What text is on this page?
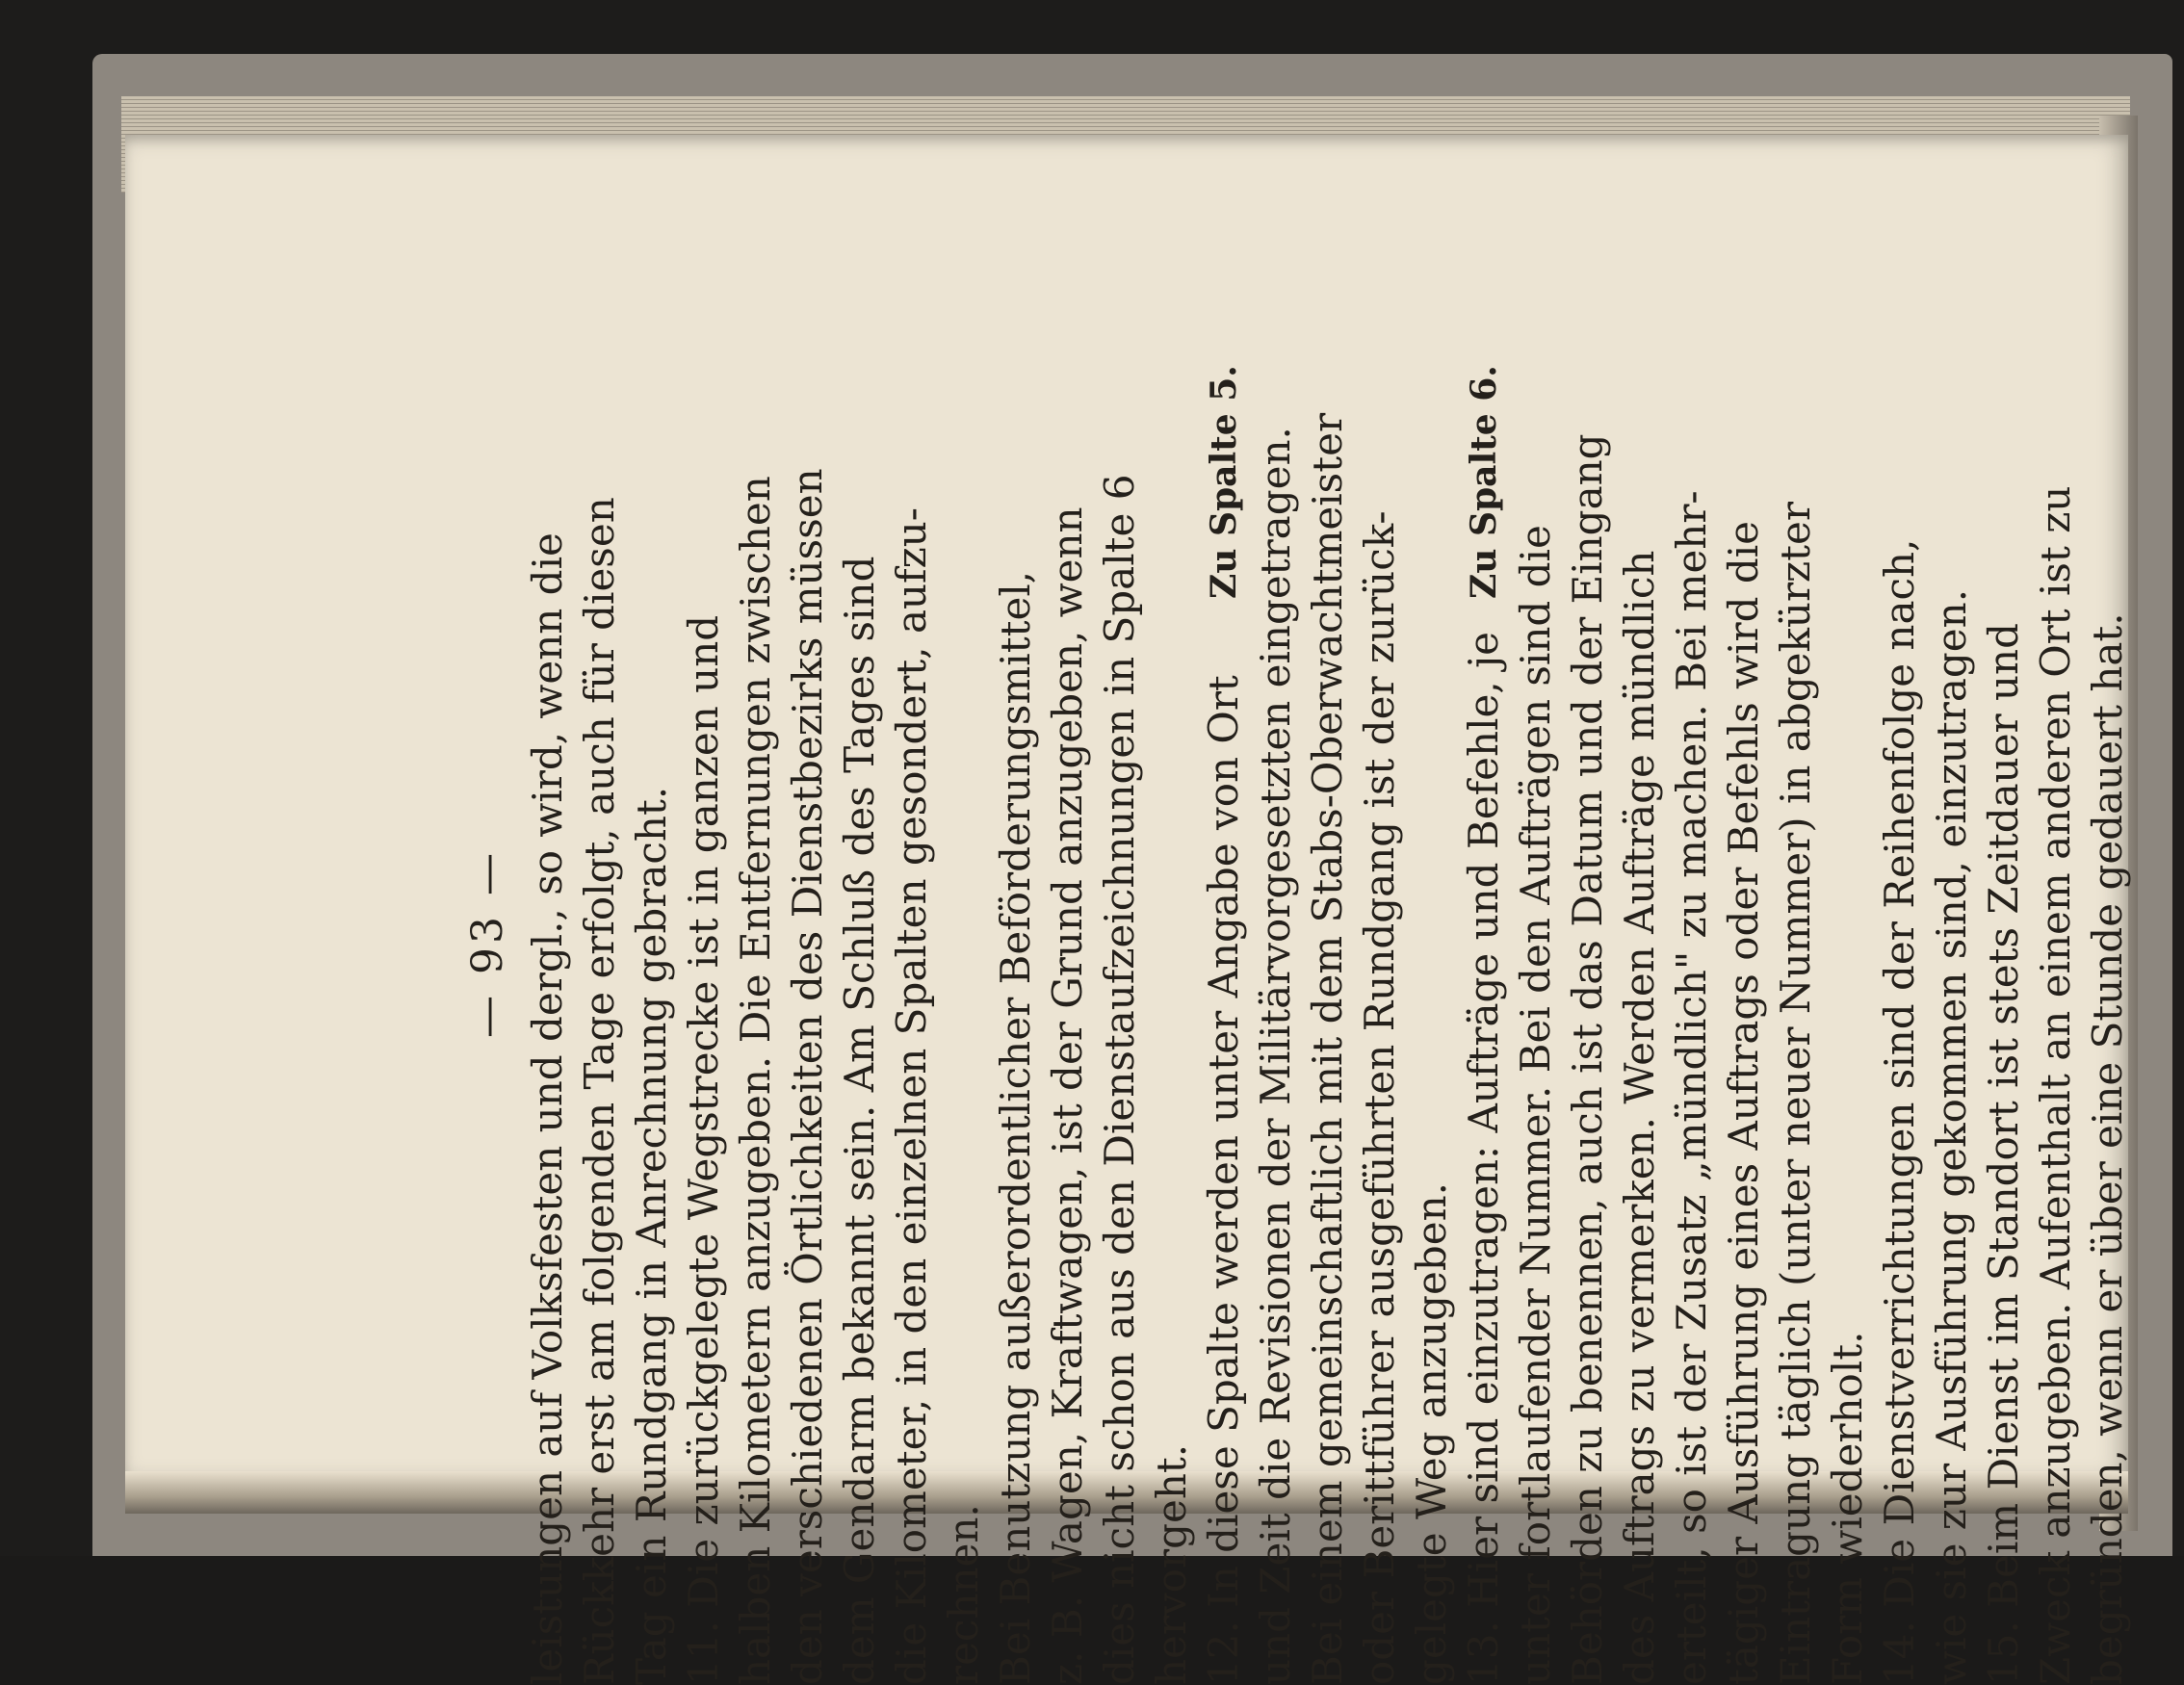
— 93 — leistungen auf Volksfesten und dergl., so wird, wenn die Rückkehr erst am folgenden Tage erfolgt, auch für diesen Tag ein Rundgang in Anrechnung gebracht. 11. Die zurückgelegte Wegstrecke ist in ganzen und halben Kilometern anzugeben. Die Entfernungen zwischen den verschiedenen Örtlichkeiten des Dienstbezirks müssen dem Gendarm bekannt sein. Am Schluß des Tages sind die Kilometer, in den einzelnen Spalten gesondert, aufzu- rechnen. Bei Benutzung außerordentlicher Beförderungsmittel, z. B. Wagen, Kraftwagen, ist der Grund anzugeben, wenn dies nicht schon aus den Dienstaufzeichnungen in Spalte 6 hervorgeht. 12. In diese Spalte werden unter Angabe von Ort und Zeit die Revisionen der Militärvorgesetzten eingetragen. Bei einem gemeinschaftlich mit dem Stabs-Oberwachtmeister oder Berittführer ausgeführten Rundgang ist der zurück- gelegte Weg anzugeben. 13. Hier sind einzutragen: Aufträge und Befehle, je unter fortlaufender Nummer. Bei den Aufträgen sind die Behörden zu benennen, auch ist das Datum und der Eingang des Auftrags zu vermerken. Werden Aufträge mündlich erteilt, so ist der Zusatz „mündlich" zu machen. Bei mehr- tägiger Ausführung eines Auftrags oder Befehls wird die Eintragung täglich (unter neuer Nummer) in abgekürzter Form wiederholt. 14. Die Dienstverrichtungen sind der Reihenfolge nach, wie sie zur Ausführung gekommen sind, einzutragen. 15. Beim Dienst im Standort ist stets Zeitdauer und Zweck anzugeben. Aufenthalt an einem anderen Ort ist zu begründen, wenn er über eine Stunde gedauert hat.
Zu Spalte 5.	Zu Spalte 6.
